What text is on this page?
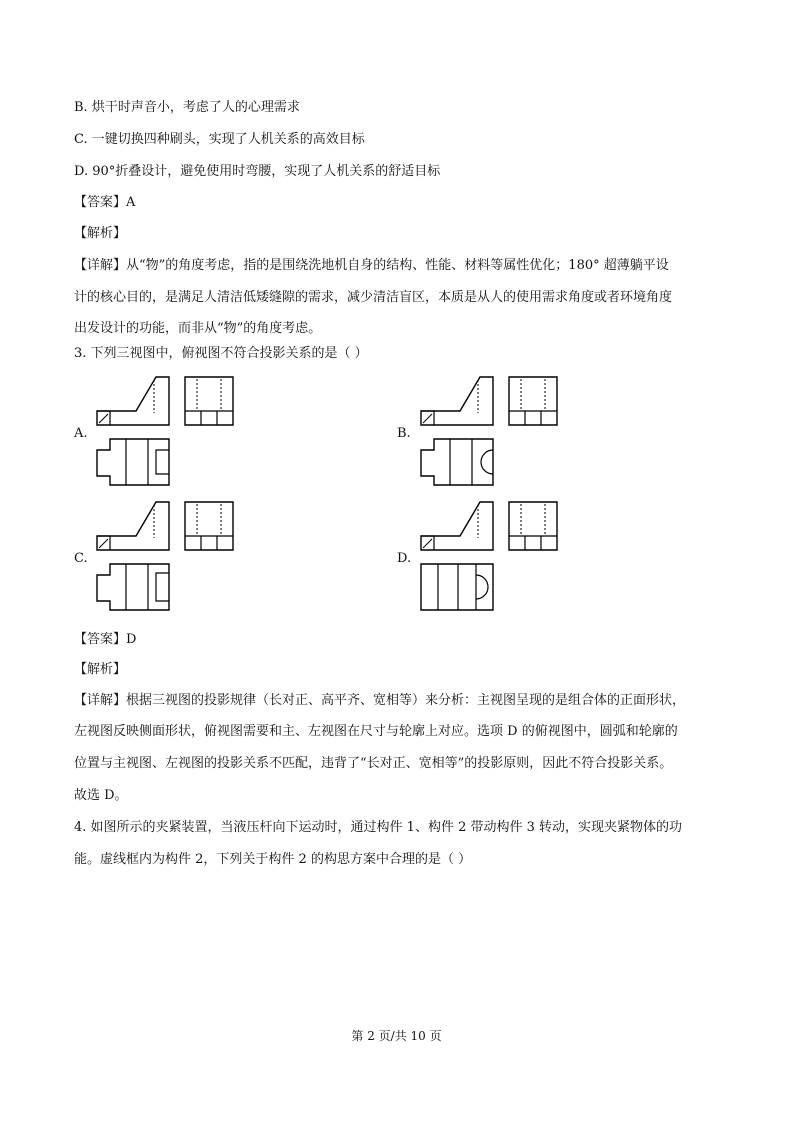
B. 烘干时声音小，考虑了人的心理需求
C. 一键切换四种刷头，实现了人机关系的高效目标
D. 90°折叠设计，避免使用时弯腰，实现了人机关系的舒适目标
【答案】A
【解析】
【详解】从“物”的角度考虑，指的是围绕洗地机自身的结构、性能、材料等属性优化；180° 超薄躺平设
计的核心目的，是满足人清洁低矮缝隙的需求，减少清洁盲区，本质是从人的使用需求角度或者环境角度
出发设计的功能，而非从“物”的角度考虑。
3. 下列三视图中，俯视图不符合投影关系的是（ ）
A.	B.
C.	D.
【答案】D
【解析】
【详解】根据三视图的投影规律（长对正、高平齐、宽相等）来分析：主视图呈现的是组合体的正面形状，
左视图反映侧面形状，俯视图需要和主、左视图在尺寸与轮廓上对应。选项 D 的俯视图中，圆弧和轮廓的
位置与主视图、左视图的投影关系不匹配，违背了“长对正、宽相等”的投影原则，因此不符合投影关系。
故选 D。
4. 如图所示的夹紧装置，当液压杆向下运动时，通过构件 1、构件 2 带动构件 3 转动，实现夹紧物体的功
能。虚线框内为构件 2，下列关于构件 2 的构思方案中合理的是（ ）
第 2 页/共 10 页
